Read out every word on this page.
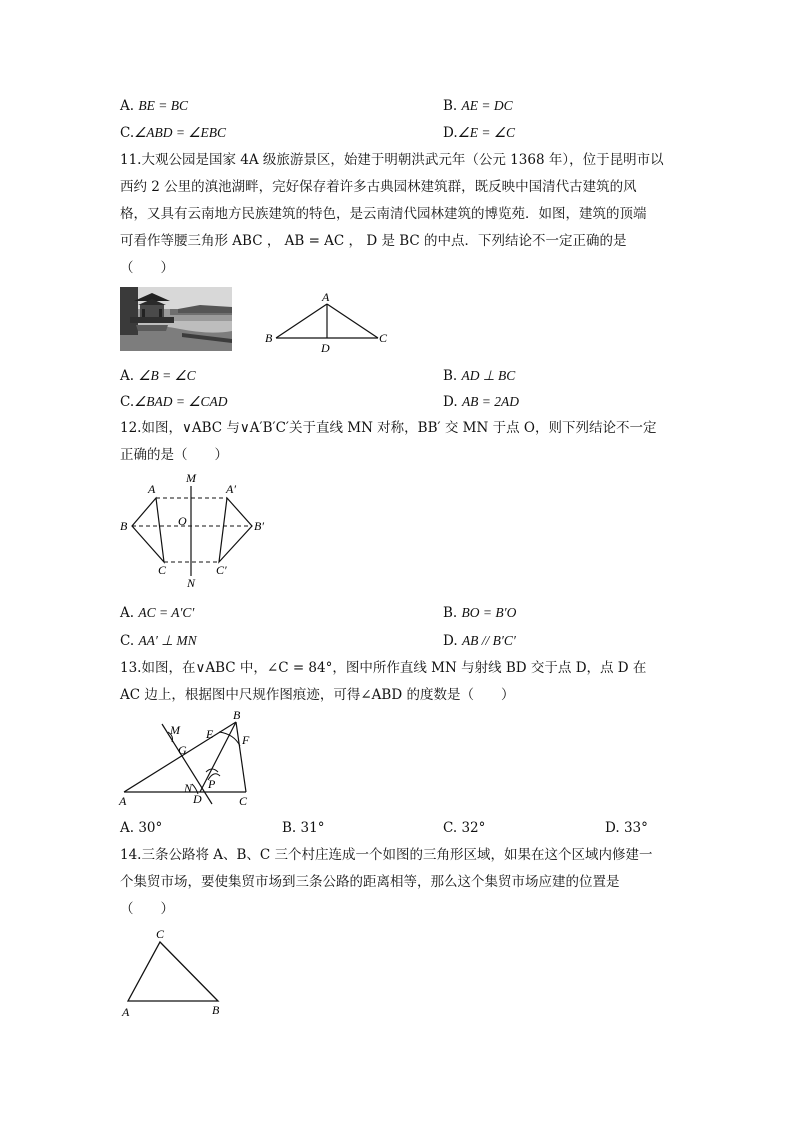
A. BE = BC	B. AE = DC
C.∠ABD = ∠EBC	D.∠E = ∠C
11.大观公园是国家 4A 级旅游景区，始建于明朝洪武元年（公元 1368 年），位于昆明市以
西约 2 公里的滇池湖畔，完好保存着许多古典园林建筑群，既反映中国清代古建筑的风
格，又具有云南地方民族建筑的特色，是云南清代园林建筑的博览苑．如图，建筑的顶端
可看作等腰三角形 ABC ， AB = AC ， D 是 BC 的中点．下列结论不一定正确的是
（　　）
A
B	C
D
A. ∠B = ∠C	B. AD ⊥ BC
C.∠BAD = ∠CAD	D. AB = 2AD
12.如图，∨ABC 与∨A′B′C′关于直线 MN 对称，BB′ 交 MN 于点 O，则下列结论不一定
正确的是（　　）
M
N
O
A	A′
B	B′
C	C′
A. AC = A′C′	B. BO = B′O
C. AA′ ⊥ MN	D. AB // B′C′
13.如图，在∨ABC 中，∠C = 84°，图中所作直线 MN 与射线 BD 交于点 D，点 D 在
AC 边上，根据图中尺规作图痕迹，可得∠ABD 的度数是（　　）
A
B
C
D
E F
G
M
N P
A. 30°	B. 31°	C. 32°	D. 33°
14.三条公路将 A、B、C 三个村庄连成一个如图的三角形区域，如果在这个区域内修建一
个集贸市场，要使集贸市场到三条公路的距离相等，那么这个集贸市场应建的位置是
（　　）
C
A	B
